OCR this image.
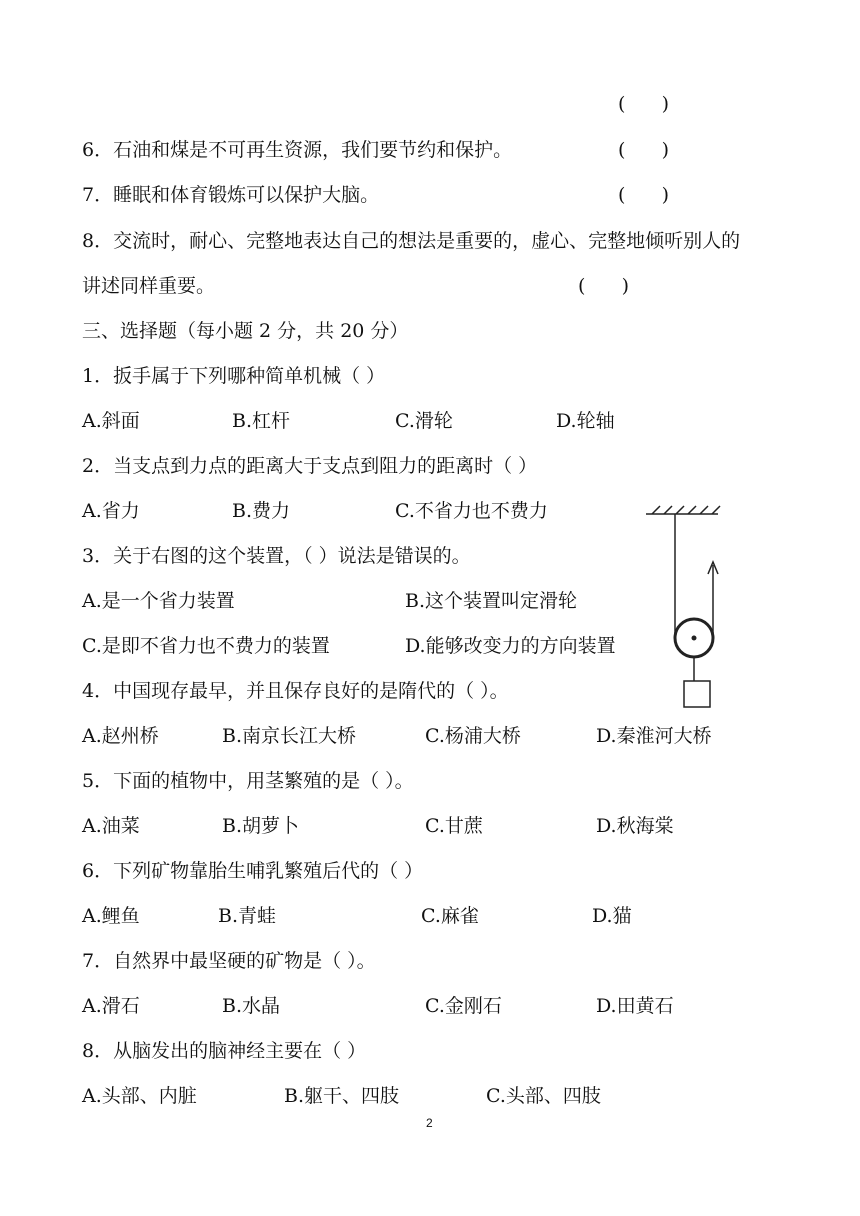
(      )
6．石油和煤是不可再生资源，我们要节约和保护。	(      )
7．睡眠和体育锻炼可以保护大脑。	(      )
8．交流时，耐心、完整地表达自己的想法是重要的，虚心、完整地倾听别人的
讲述同样重要。	(      )
三、选择题（每小题 2 分，共 20 分）
1．扳手属于下列哪种简单机械（ ）
A.斜面	B.杠杆	C.滑轮	D.轮轴
2．当支点到力点的距离大于支点到阻力的距离时（ ）
A.省力	B.费力	C.不省力也不费力
3．关于右图的这个装置，（ ）说法是错误的。
A.是一个省力装置	B.这个装置叫定滑轮
C.是即不省力也不费力的装置	D.能够改变力的方向装置
4．中国现存最早，并且保存良好的是隋代的（ ）。
A.赵州桥	B.南京长江大桥	C.杨浦大桥	D.秦淮河大桥
5．下面的植物中，用茎繁殖的是（ ）。
A.油菜	B.胡萝卜	C.甘蔗	D.秋海棠
6．下列矿物靠胎生哺乳繁殖后代的（ ）
A.鲤鱼	B.青蛙	C.麻雀	D.猫
7．自然界中最坚硬的矿物是（ ）。
A.滑石	B.水晶	C.金刚石	D.田黄石
8．从脑发出的脑神经主要在（ ）
A.头部、内脏	B.躯干、四肢	C.头部、四肢
2
